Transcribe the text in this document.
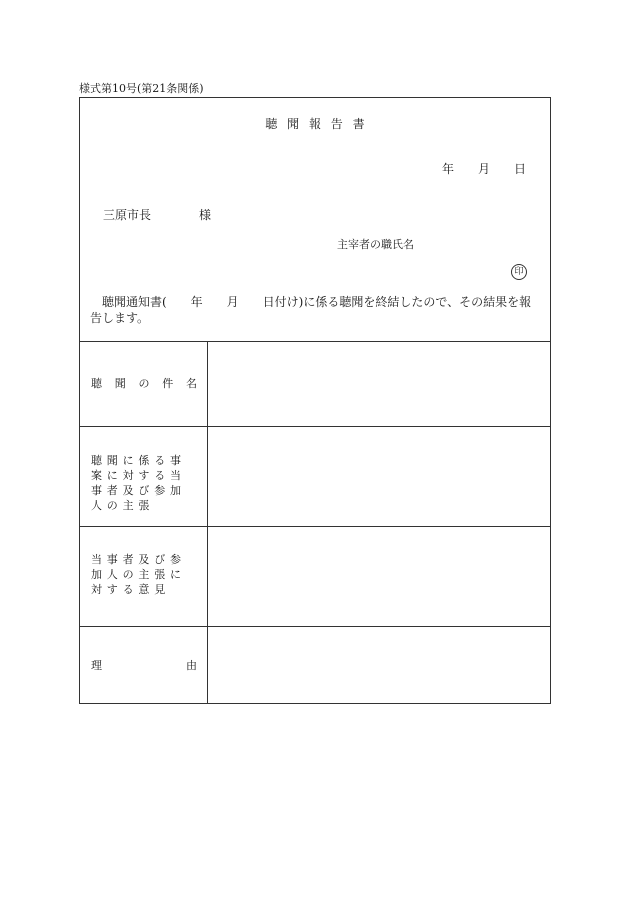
様式第10号(第21条関係)
聴 聞 報 告 書
年　　月　　日
三原市長　　　　様
主宰者の職氏名
印
聴聞通知書(　　年　　月　　日付け)に係る聴聞を終結したので、その結果を報告します。
聴 聞 の 件 名
聴聞に係る事案に対する当事者及び参加人の主張
当事者及び参加人の主張に対する意見
理 由
